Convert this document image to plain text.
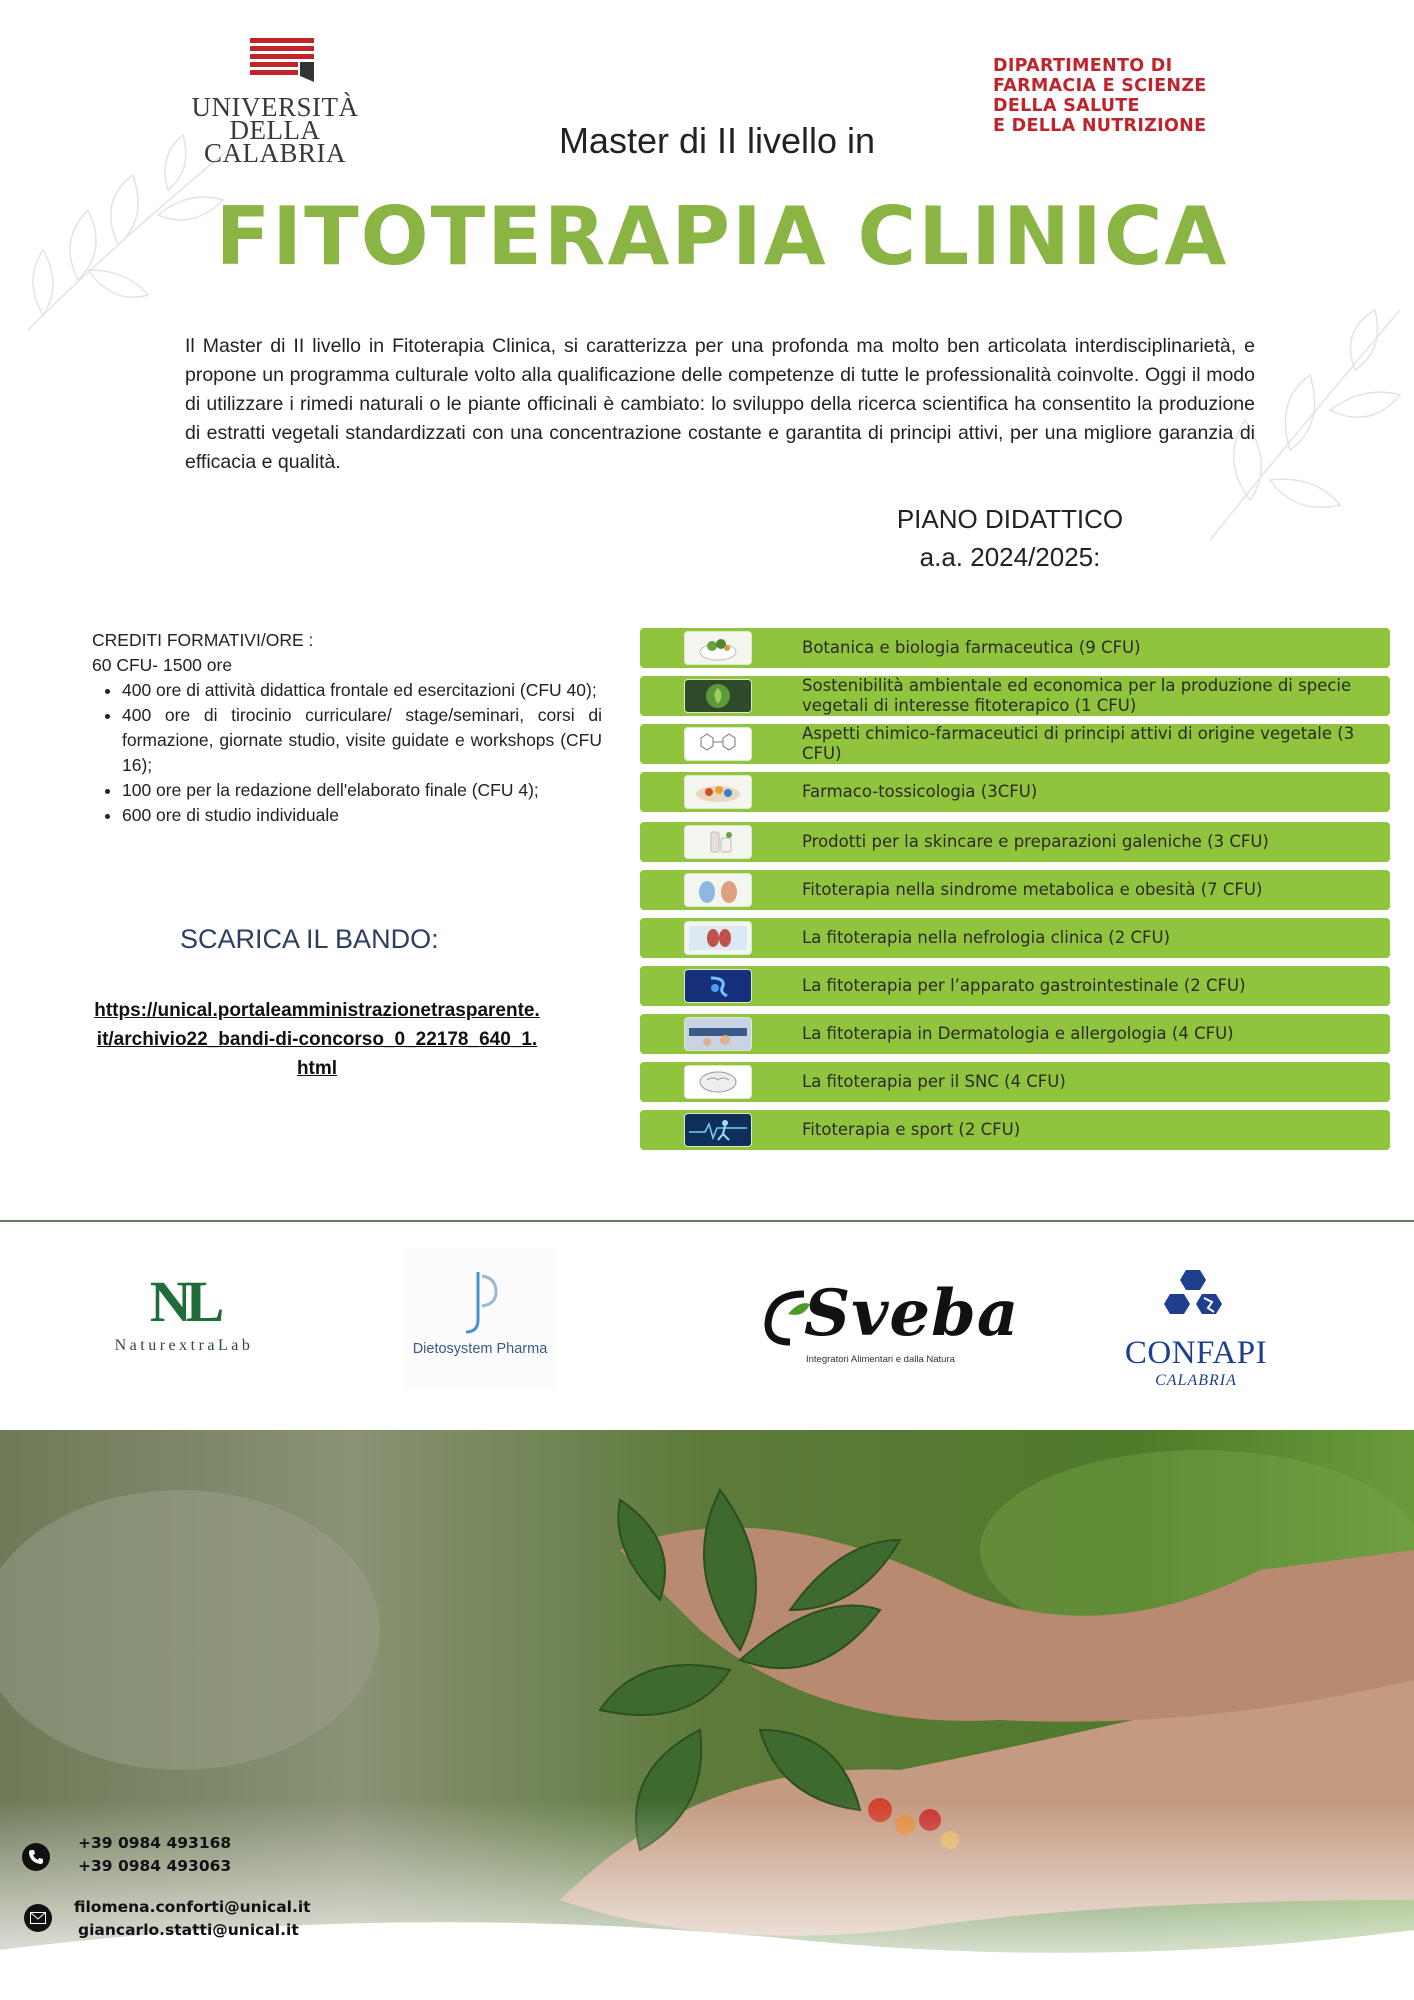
UNIVERSITÀ DELLA
CALABRIA
DIPARTIMENTO DI
FARMACIA E SCIENZE
DELLA SALUTE
E DELLA NUTRIZIONE
Master di II livello in
FITOTERAPIA CLINICA
Il Master di II livello in Fitoterapia Clinica, si caratterizza per una profonda ma molto ben articolata interdisciplinarietà, e propone un programma culturale volto alla qualificazione delle competenze di tutte le professionalità coinvolte. Oggi il modo di utilizzare i rimedi naturali o le piante officinali è cambiato: lo sviluppo della ricerca scientifica ha consentito la produzione di estratti vegetali standardizzati con una concentrazione costante e garantita di principi attivi, per una migliore garanzia di efficacia e qualità.
PIANO DIDATTICO
a.a. 2024/2025:
CREDITI FORMATIVI/ORE :
60 CFU- 1500 ore
• 400 ore di attività didattica frontale ed esercitazioni (CFU 40);
• 400 ore di tirocinio curriculare/ stage/seminari, corsi di formazione, giornate studio, visite guidate e workshops (CFU 16);
• 100 ore per la redazione dell'elaborato finale (CFU 4);
• 600 ore di studio individuale
SCARICA IL BANDO:
https://unical.portaleamministrazionetrasparente.it/archivio22_bandi-di-concorso_0_22178_640_1.html
Botanica e biologia farmaceutica (9 CFU)
Sostenibilità ambientale ed economica per la produzione di specie vegetali di interesse fitoterapico (1 CFU)
Aspetti chimico-farmaceutici di principi attivi di origine vegetale (3 CFU)
Farmaco-tossicologia (3CFU)
Prodotti per la skincare e preparazioni galeniche (3 CFU)
Fitoterapia nella sindrome metabolica e obesità (7 CFU)
La fitoterapia nella nefrologia clinica (2 CFU)
La fitoterapia per l’apparato gastrointestinale (2 CFU)
La fitoterapia in Dermatologia e allergologia (4 CFU)
La fitoterapia per il SNC (4 CFU)
Fitoterapia e sport (2 CFU)
NL
NaturextraLab	Dietosystem Pharma	Sveba
Integratori Alimentari e dalla Natura	CONFAPI
CALABRIA
+39 0984 493168
+39 0984 493063
filomena.conforti@unical.it
giancarlo.statti@unical.it
